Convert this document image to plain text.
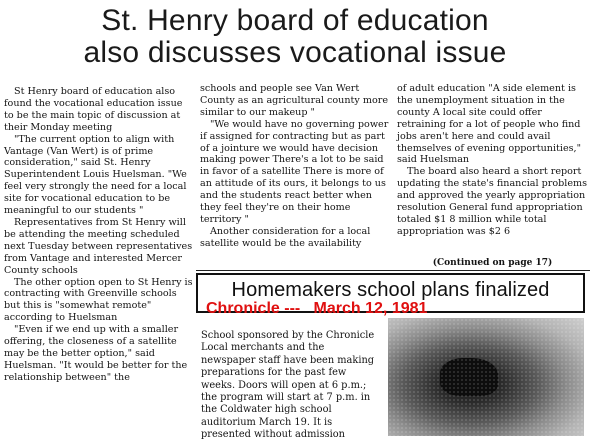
St. Henry board of education
also discusses vocational issue

St Henry board of education also found the vocational education issue to be the main topic of discussion at their Monday meeting

"The current option to align with Vantage (Van Wert) is of prime consideration," said St. Henry Superintendent Louis Huelsman. "We feel very strongly the need for a local site for vocational education to be meaningful to our students "

Representatives from St Henry will be attending the meeting scheduled next Tuesday between representatives from Vantage and interested Mercer County schools

The other option open to St Henry is contracting with Greenville schools but this is "somewhat remote" according to Huelsman

"Even if we end up with a smaller offering, the closeness of a satellite may be the better option," said Huelsman. "It would be better for the relationship between" the

schools and people see Van Wert County as an agricultural county more similar to our makeup "

"We would have no governing power if assigned for contracting but as part of a jointure we would have decision making power There's a lot to be said in favor of a satellite There is more of an attitude of its ours, it belongs to us and the students react better when they feel they're on their home territory "

Another consideration for a local satellite would be the availability

of adult education "A side element is the unemployment situation in the county A local site could offer retraining for a lot of people who find jobs aren't here and could avail themselves of evening opportunities," said Huelsman

The board also heard a short report updating the state's financial problems and approved the yearly appropriation resolution General fund appropriation totaled $1 8 million while total appropriation was $2 6

(Continued on page 17)
Homemakers school plans finalized
Chronicle ---   March 12, 1981

School sponsored by the Chronicle Local merchants and the newspaper staff have been making preparations for the past few weeks. Doors will open at 6 p.m.; the program will start at 7 p.m. in the Coldwater high school auditorium March 19. It is presented without admission
